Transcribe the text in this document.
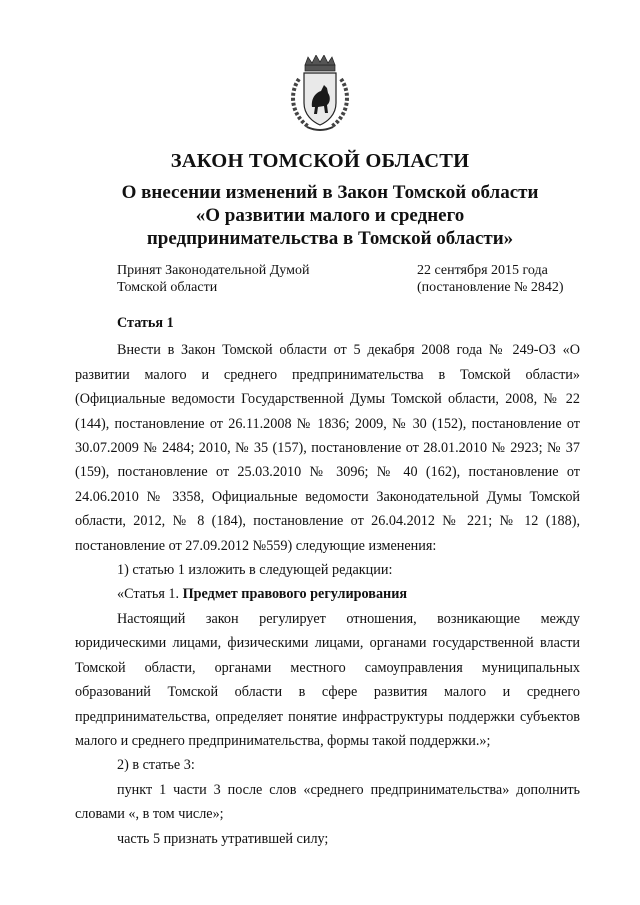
ЗАКОН ТОМСКОЙ ОБЛАСТИ
О внесении изменений в Закон Томской области
«О развитии малого и среднего
предпринимательства в Томской области»
Принят Законодательной Думой
Томской области
22 сентября 2015 года
(постановление № 2842)

Статья 1

Внести в Закон Томской области от 5 декабря 2008 года № 249-ОЗ «О развитии малого и среднего предпринимательства в Томской области» (Официальные ведомости Государственной Думы Томской области, 2008, № 22 (144), постановление от 26.11.2008 № 1836; 2009, № 30 (152), постановление от 30.07.2009 № 2484; 2010, № 35 (157), постановление от 28.01.2010 № 2923; № 37 (159), постановление от 25.03.2010 № 3096; № 40 (162), постановление от 24.06.2010 № 3358, Официальные ведомости Законодательной Думы Томской области, 2012, № 8 (184), постановление от 26.04.2012 № 221; № 12 (188), постановление от 27.09.2012 №559) следующие изменения:

1) статью 1 изложить в следующей редакции:

«Статья 1. Предмет правового регулирования

Настоящий закон регулирует отношения, возникающие между юридическими лицами, физическими лицами, органами государственной власти Томской области, органами местного самоуправления муниципальных образований Томской области в сфере развития малого и среднего предпринимательства, определяет понятие инфраструктуры поддержки субъектов малого и среднего предпринимательства, формы такой поддержки.»;

2) в статье 3:

пункт 1 части 3 после слов «среднего предпринимательства» дополнить словами «, в том числе»;

часть 5 признать утратившей силу;
